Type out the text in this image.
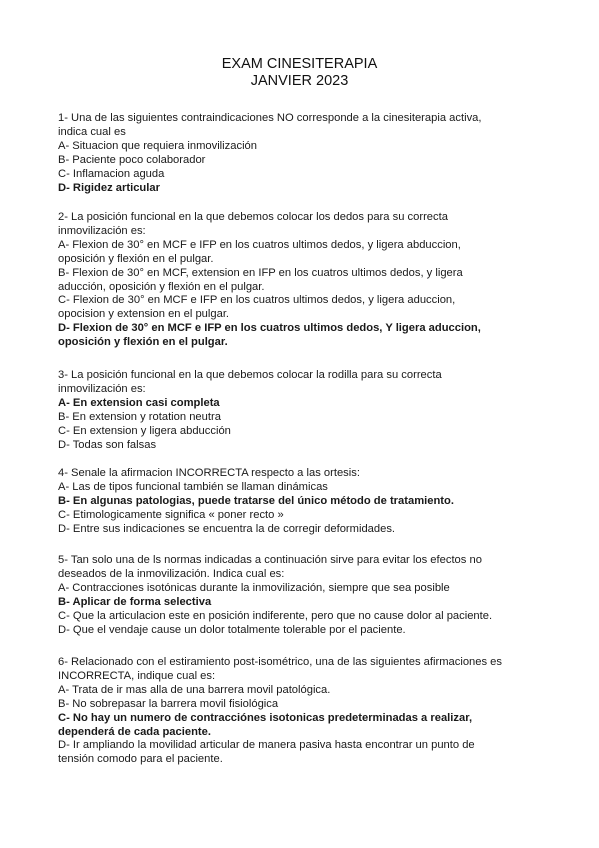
EXAM CINESITERAPIA
JANVIER 2023
1- Una de las siguientes contraindicaciones NO corresponde a la cinesiterapia activa,
indica cual es
A- Situacion que requiera inmovilización
B- Paciente poco colaborador
C- Inflamacion aguda
D- Rigidez articular
2- La posición funcional en la que debemos colocar los dedos para su correcta
inmovilización es:
A- Flexion de 30° en MCF e IFP en los cuatros ultimos dedos, y ligera abduccion,
oposición y flexión en el pulgar.
B- Flexion de 30° en MCF, extension en IFP en los cuatros ultimos dedos, y ligera
aducción, oposición y flexión en el pulgar.
C- Flexion de 30° en MCF e IFP en los cuatros ultimos dedos, y ligera aduccion,
opocision y extension en el pulgar.
D- Flexion de 30° en MCF e IFP en los cuatros ultimos dedos, Y ligera aduccion,
oposición y flexión en el pulgar.
3- La posición funcional en la que debemos colocar la rodilla para su correcta
inmovilización es:
A- En extension casi completa
B- En extension y rotation neutra
C- En extension y ligera abducción
D- Todas son falsas
4- Senale la afirmacion INCORRECTA respecto a las ortesis:
A- Las de tipos funcional también se llaman dinámicas
B- En algunas patologias, puede tratarse del único método de tratamiento.
C- Etimologicamente significa « poner recto »
D- Entre sus indicaciones se encuentra la de corregir deformidades.
5- Tan solo una de ls normas indicadas a continuación sirve para evitar los efectos no
deseados de la inmovilización. Indica cual es:
A- Contracciones isotónicas durante la inmovilización, siempre que sea posible
B- Aplicar de forma selectiva
C- Que la articulacion este en posición indiferente, pero que no cause dolor al paciente.
D- Que el vendaje cause un dolor totalmente tolerable por el paciente.
6- Relacionado con el estiramiento post-isométrico, una de las siguientes afirmaciones es
INCORRECTA, indique cual es:
A- Trata de ir mas alla de una barrera movil patológica.
B- No sobrepasar la barrera movil fisiológica
C- No hay un numero de contracciónes isotonicas predeterminadas a realizar,
dependerá de cada paciente.
D- Ir ampliando la movilidad articular de manera pasiva hasta encontrar un punto de
tensión comodo para el paciente.
